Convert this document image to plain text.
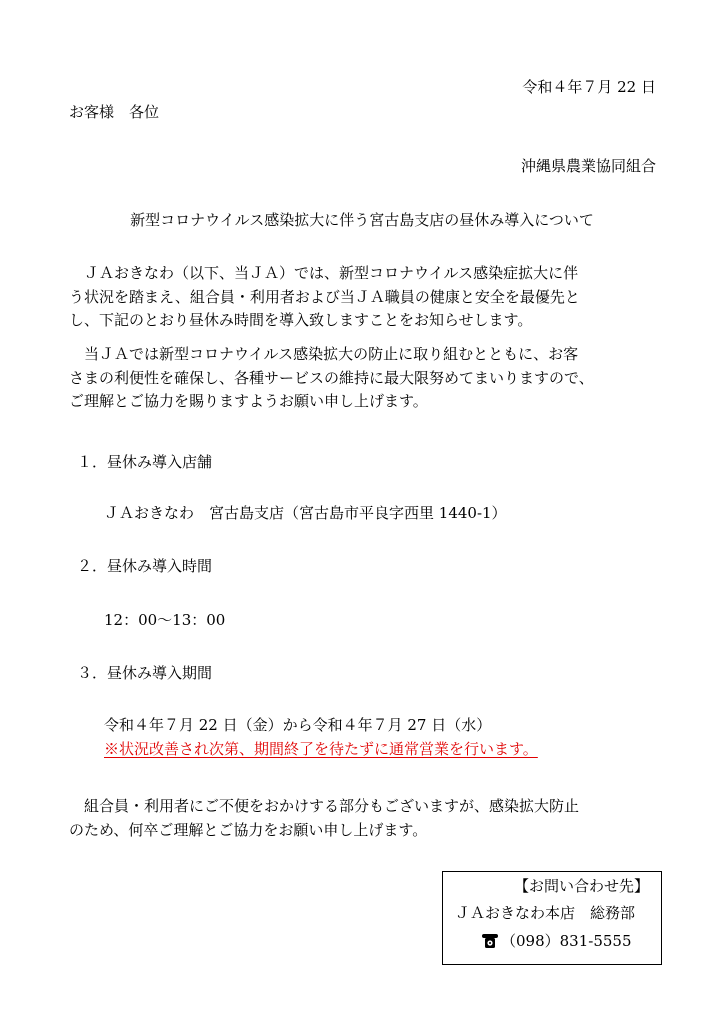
令和４年７月 22 日
お客様　各位
沖縄県農業協同組合
新型コロナウイルス感染拡大に伴う宮古島支店の昼休み導入について
　ＪＡおきなわ（以下、当ＪＡ）では、新型コロナウイルス感染症拡大に伴
う状況を踏まえ、組合員・利用者および当ＪＡ職員の健康と安全を最優先と
し、下記のとおり昼休み時間を導入致しますことをお知らせします。
　当ＪＡでは新型コロナウイルス感染拡大の防止に取り組むとともに、お客
さまの利便性を確保し、各種サービスの維持に最大限努めてまいりますので、
ご理解とご協力を賜りますようお願い申し上げます。
１．昼休み導入店舗
ＪＡおきなわ　宮古島支店（宮古島市平良字西里 1440-1）
２．昼休み導入時間
12：00～13：00
３．昼休み導入期間
令和４年７月 22 日（金）から令和４年７月 27 日（水）
※状況改善され次第、期間終了を待たずに通常営業を行います。
　組合員・利用者にご不便をおかけする部分もございますが、感染拡大防止
のため、何卒ご理解とご協力をお願い申し上げます。
【お問い合わせ先】
ＪＡおきなわ本店　総務部
（098）831-5555
